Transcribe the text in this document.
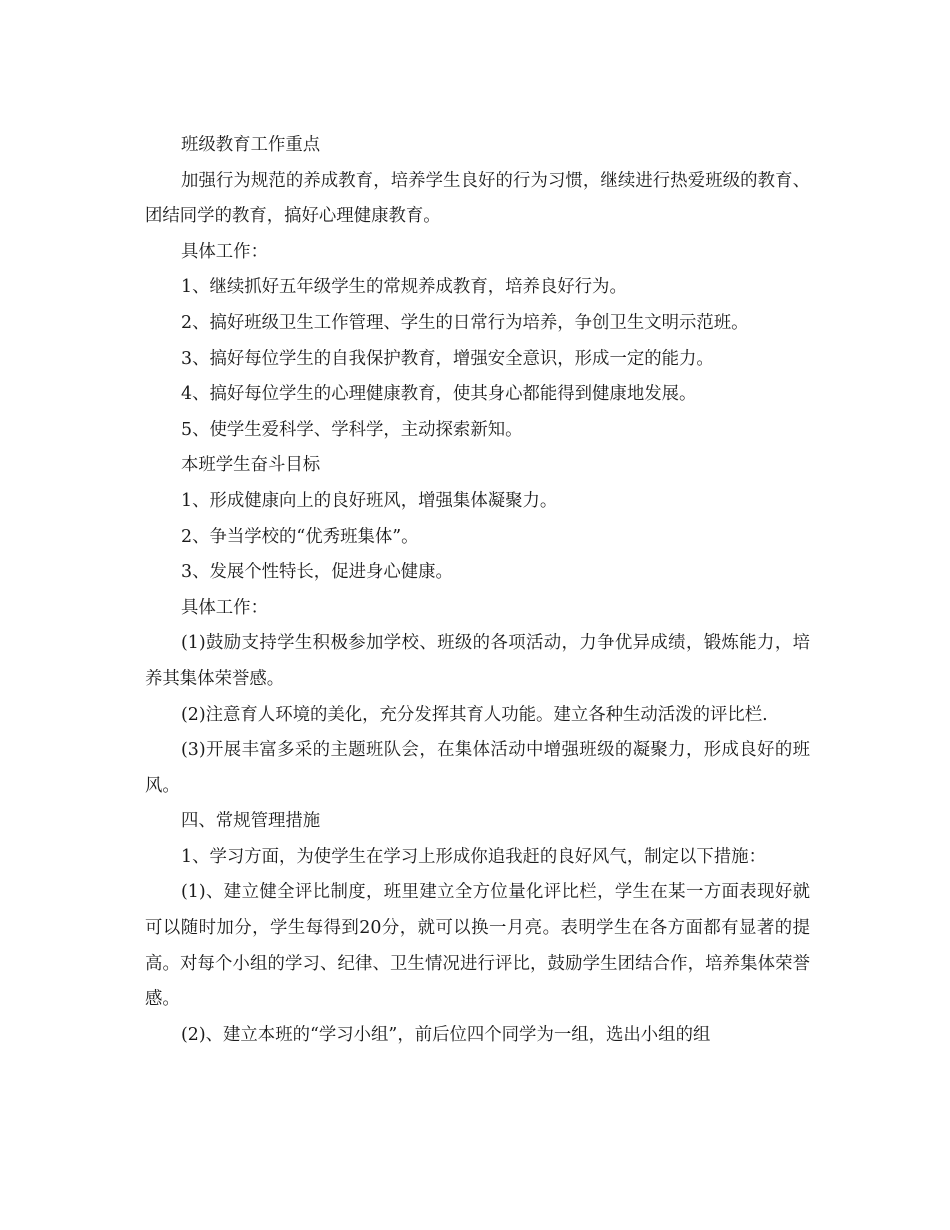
班级教育工作重点

加强行为规范的养成教育，培养学生良好的行为习惯，继续进行热爱班级的教育、团结同学的教育，搞好心理健康教育。

具体工作：

1、继续抓好五年级学生的常规养成教育，培养良好行为。

2、搞好班级卫生工作管理、学生的日常行为培养，争创卫生文明示范班。

3、搞好每位学生的自我保护教育，增强安全意识，形成一定的能力。

4、搞好每位学生的心理健康教育，使其身心都能得到健康地发展。

5、使学生爱科学、学科学，主动探索新知。

本班学生奋斗目标

1、形成健康向上的良好班风，增强集体凝聚力。

2、争当学校的“优秀班集体”。

3、发展个性特长，促进身心健康。

具体工作：

(1)鼓励支持学生积极参加学校、班级的各项活动，力争优异成绩，锻炼能力，培养其集体荣誉感。

(2)注意育人环境的美化，充分发挥其育人功能。建立各种生动活泼的评比栏.

(3)开展丰富多采的主题班队会，在集体活动中增强班级的凝聚力，形成良好的班风。

四、常规管理措施

1、学习方面，为使学生在学习上形成你追我赶的良好风气，制定以下措施：

(1)、建立健全评比制度，班里建立全方位量化评比栏，学生在某一方面表现好就可以随时加分，学生每得到20分，就可以换一月亮。表明学生在各方面都有显著的提高。对每个小组的学习、纪律、卫生情况进行评比，鼓励学生团结合作，培养集体荣誉感。

(2)、建立本班的“学习小组”，前后位四个同学为一组，选出小组的组
